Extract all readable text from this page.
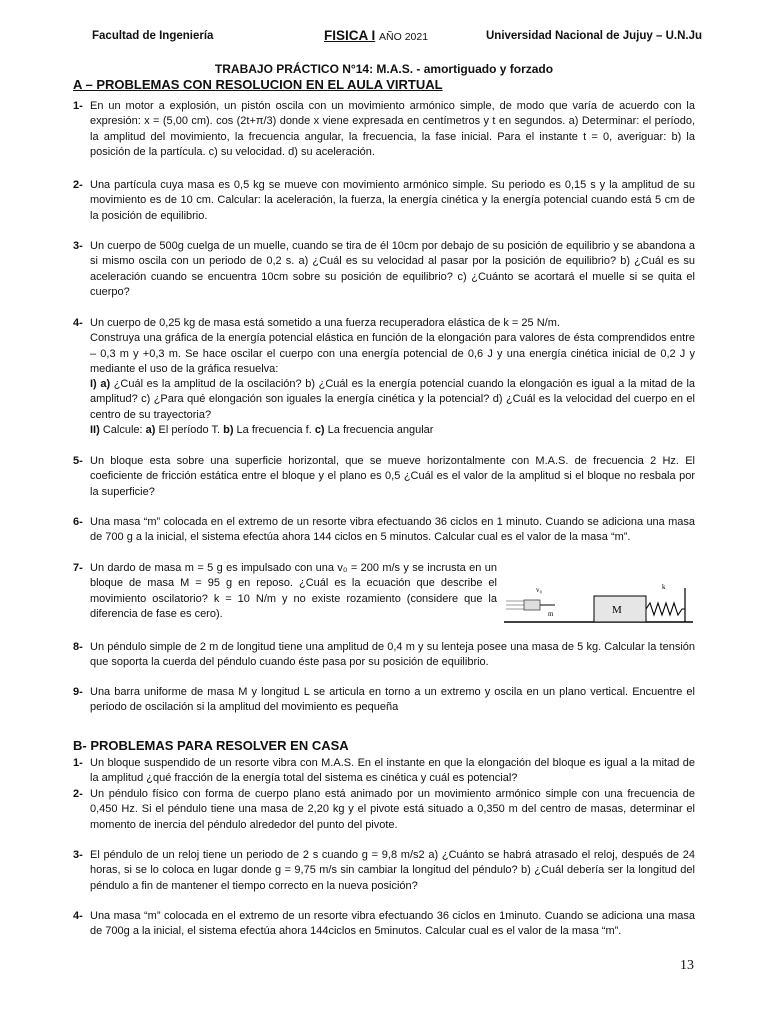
Facultad de Ingeniería	FISICA I AÑO 2021	Universidad Nacional de Jujuy – U.N.Ju
TRABAJO PRÁCTICO N°14: M.A.S. - amortiguado y forzado
A – PROBLEMAS CON RESOLUCION EN EL AULA VIRTUAL
1- En un motor a explosión, un pistón oscila con un movimiento armónico simple, de modo que varía de acuerdo con la expresión: x = (5,00 cm). cos (2t+π/3) donde x viene expresada en centímetros y t en segundos. a) Determinar: el período, la amplitud del movimiento, la frecuencia angular, la frecuencia, la fase inicial. Para el instante t = 0, averiguar: b) la posición de la partícula. c) su velocidad. d) su aceleración.

2- Una partícula cuya masa es 0,5 kg se mueve con movimiento armónico simple. Su periodo es 0,15 s y la amplitud de su movimiento es de 10 cm. Calcular: la aceleración, la fuerza, la energía cinética y la energía potencial cuando está 5 cm de la posición de equilibrio.

3- Un cuerpo de 500g cuelga de un muelle, cuando se tira de él 10cm por debajo de su posición de equilibrio y se abandona a si mismo oscila con un periodo de 0,2 s. a) ¿Cuál es su velocidad al pasar por la posición de equilibrio? b) ¿Cuál es su aceleración cuando se encuentra 10cm sobre su posición de equilibrio? c) ¿Cuánto se acortará el muelle si se quita el cuerpo?

4- Un cuerpo de 0,25 kg de masa está sometido a una fuerza recuperadora elástica de k = 25 N/m.

Construya una gráfica de la energía potencial elástica en función de la elongación para valores de ésta comprendidos entre – 0,3 m y +0,3 m. Se hace oscilar el cuerpo con una energía potencial de 0,6 J y una energía cinética inicial de 0,2 J y mediante el uso de la gráfica resuelva:

I) a) ¿Cuál es la amplitud de la oscilación? b) ¿Cuál es la energía potencial cuando la elongación es igual a la mitad de la amplitud? c) ¿Para qué elongación son iguales la energía cinética y la potencial? d) ¿Cuál es la velocidad del cuerpo en el centro de su trayectoria?

II) Calcule: a) El período T. b) La frecuencia f. c) La frecuencia angular

5- Un bloque esta sobre una superficie horizontal, que se mueve horizontalmente con M.A.S. de frecuencia 2 Hz. El coeficiente de fricción estática entre el bloque y el plano es 0,5 ¿Cuál es el valor de la amplitud si el bloque no resbala por la superficie?

6- Una masa “m” colocada en el extremo de un resorte vibra efectuando 36 ciclos en 1 minuto. Cuando se adiciona una masa de 700 g a la inicial, el sistema efectúa ahora 144 ciclos en 5 minutos. Calcular cual es el valor de la masa “m”.

7- Un dardo de masa m = 5 g es impulsado con una v₀ = 200 m/s y se incrusta en un bloque de masa M = 95 g en reposo. ¿Cuál es la ecuación que describe el movimiento oscilatorio? k = 10 N/m y no existe rozamiento (considere que la diferencia de fase es cero).

v₀
m	M
k
8- Un péndulo simple de 2 m de longitud tiene una amplitud de 0,4 m y su lenteja posee una masa de 5 kg. Calcular la tensión que soporta la cuerda del péndulo cuando éste pasa por su posición de equilibrio.

9- Una barra uniforme de masa M y longitud L se articula en torno a un extremo y oscila en un plano vertical. Encuentre el periodo de oscilación si la amplitud del movimiento es pequeña

B- PROBLEMAS PARA RESOLVER EN CASA
1- Un bloque suspendido de un resorte vibra con M.A.S. En el instante en que la elongación del bloque es igual a la mitad de la amplitud ¿qué fracción de la energía total del sistema es cinética y cuál es potencial?

2- Un péndulo físico con forma de cuerpo plano está animado por un movimiento armónico simple con una frecuencia de 0,450 Hz. Si el péndulo tiene una masa de 2,20 kg y el pivote está situado a 0,350 m del centro de masas, determinar el momento de inercia del péndulo alrededor del punto del pivote.

3- El péndulo de un reloj tiene un periodo de 2 s cuando g = 9,8 m/s2 a) ¿Cuánto se habrá atrasado el reloj, después de 24 horas, si se lo coloca en lugar donde g = 9,75 m/s sin cambiar la longitud del péndulo? b) ¿Cuál debería ser la longitud del péndulo a fin de mantener el tiempo correcto en la nueva posición?

4- Una masa “m” colocada en el extremo de un resorte vibra efectuando 36 ciclos en 1minuto. Cuando se adiciona una masa de 700g a la inicial, el sistema efectúa ahora 144ciclos en 5minutos. Calcular cual es el valor de la masa “m”.

13
